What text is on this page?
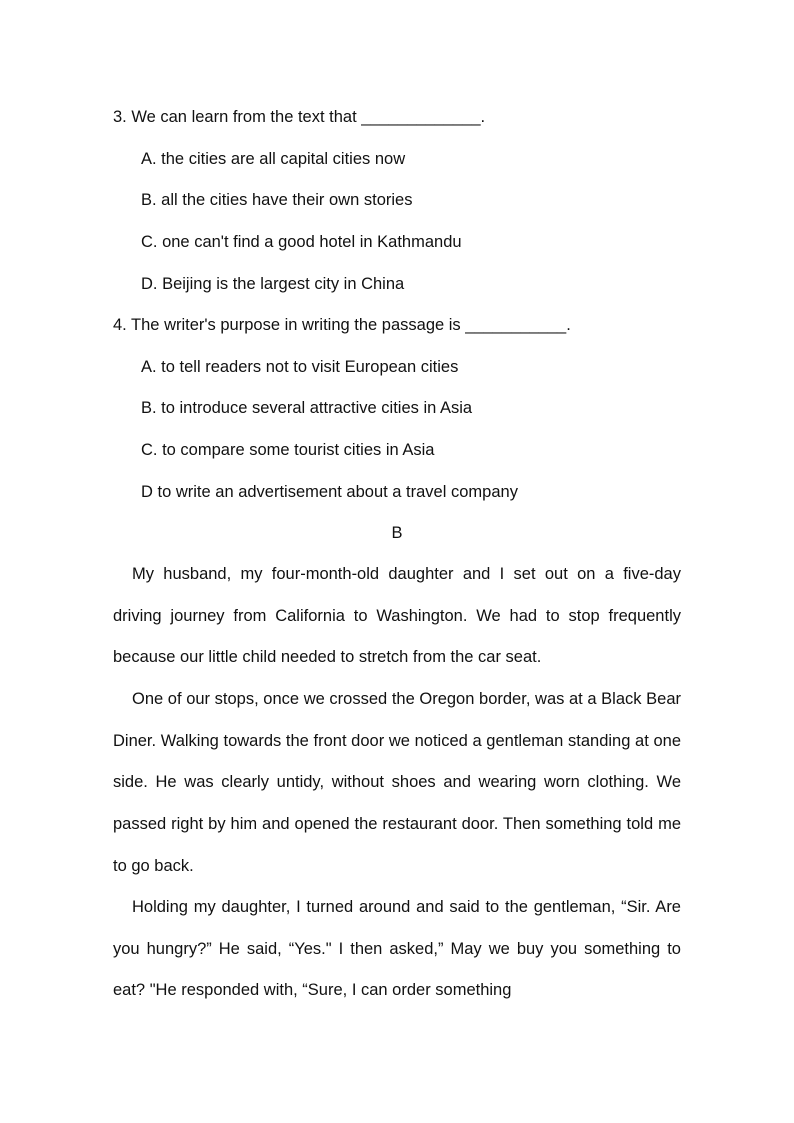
3. We can learn from the text that _____________.
A. the cities are all capital cities now
B. all the cities have their own stories
C. one can't find a good hotel in Kathmandu
D. Beijing is the largest city in China
4. The writer's purpose in writing the passage is ___________.
A. to tell readers not to visit European cities
B. to introduce several attractive cities in Asia
C. to compare some tourist cities in Asia
D to write an advertisement about a travel company
B

My husband, my four-month-old daughter and I set out on a five-day driving journey from California to Washington. We had to stop frequently because our little child needed to stretch from the car seat.

One of our stops, once we crossed the Oregon border, was at a Black Bear Diner. Walking towards the front door we noticed a gentleman standing at one side. He was clearly untidy, without shoes and wearing worn clothing. We passed right by him and opened the restaurant door. Then something told me to go back.

Holding my daughter, I turned around and said to the gentleman, “Sir. Are you hungry?” He said, “Yes." I then asked,” May we buy you something to eat? "He responded with, “Sure, I can order something
